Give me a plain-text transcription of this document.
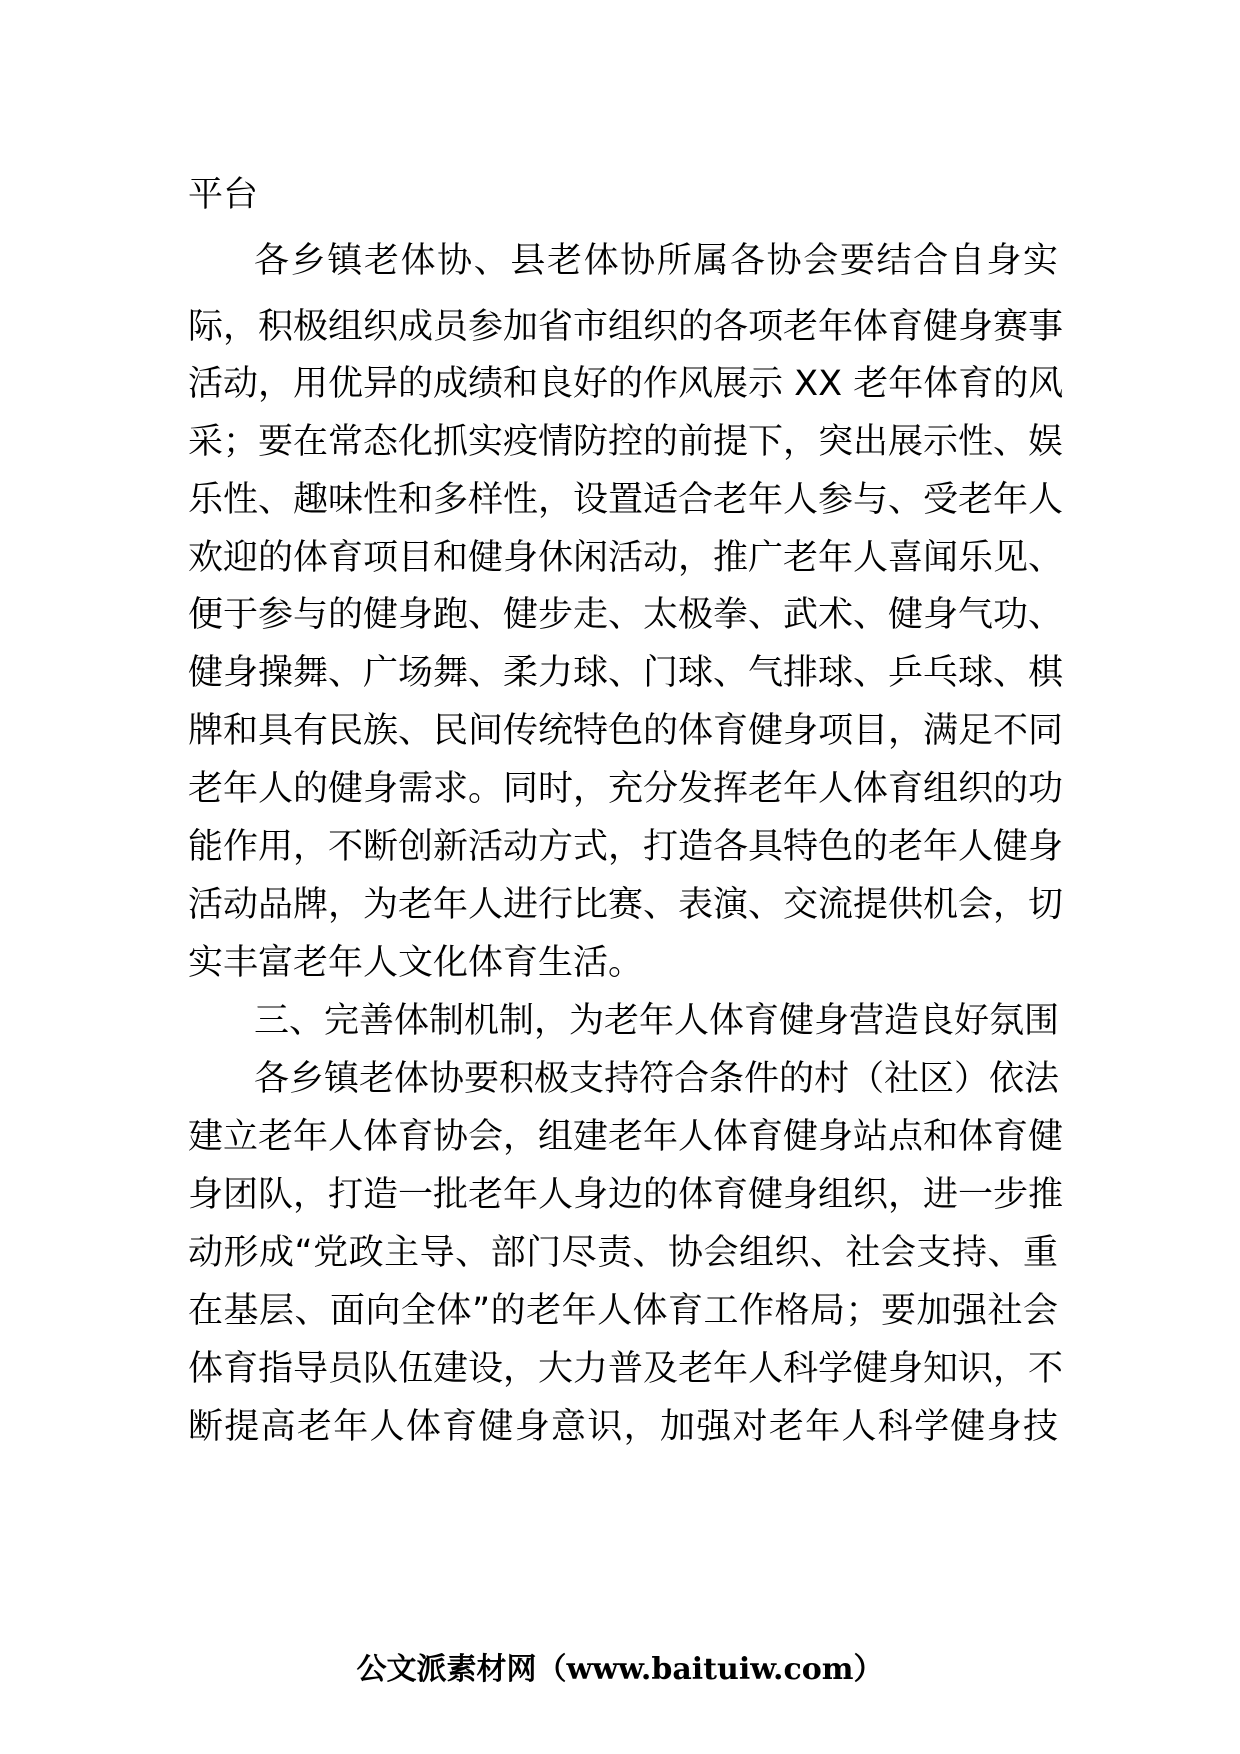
平台
各乡镇老体协、县老体协所属各协会要结合自身实
际，积极组织成员参加省市组织的各项老年体育健身赛事
活动，用优异的成绩和良好的作风展示 XX 老年体育的风
采；要在常态化抓实疫情防控的前提下，突出展示性、娱
乐性、趣味性和多样性，设置适合老年人参与、受老年人
欢迎的体育项目和健身休闲活动，推广老年人喜闻乐见、
便于参与的健身跑、健步走、太极拳、武术、健身气功、
健身操舞、广场舞、柔力球、门球、气排球、乒乓球、棋
牌和具有民族、民间传统特色的体育健身项目，满足不同
老年人的健身需求。同时，充分发挥老年人体育组织的功
能作用，不断创新活动方式，打造各具特色的老年人健身
活动品牌，为老年人进行比赛、表演、交流提供机会，切
实丰富老年人文化体育生活。
三、完善体制机制，为老年人体育健身营造良好氛围
各乡镇老体协要积极支持符合条件的村（社区）依法
建立老年人体育协会，组建老年人体育健身站点和体育健
身团队，打造一批老年人身边的体育健身组织，进一步推
动形成“党政主导、部门尽责、协会组织、社会支持、重
在基层、面向全体”的老年人体育工作格局；要加强社会
体育指导员队伍建设，大力普及老年人科学健身知识，不
断提高老年人体育健身意识，加强对老年人科学健身技
公文派素材网（www.baituiw.com）
